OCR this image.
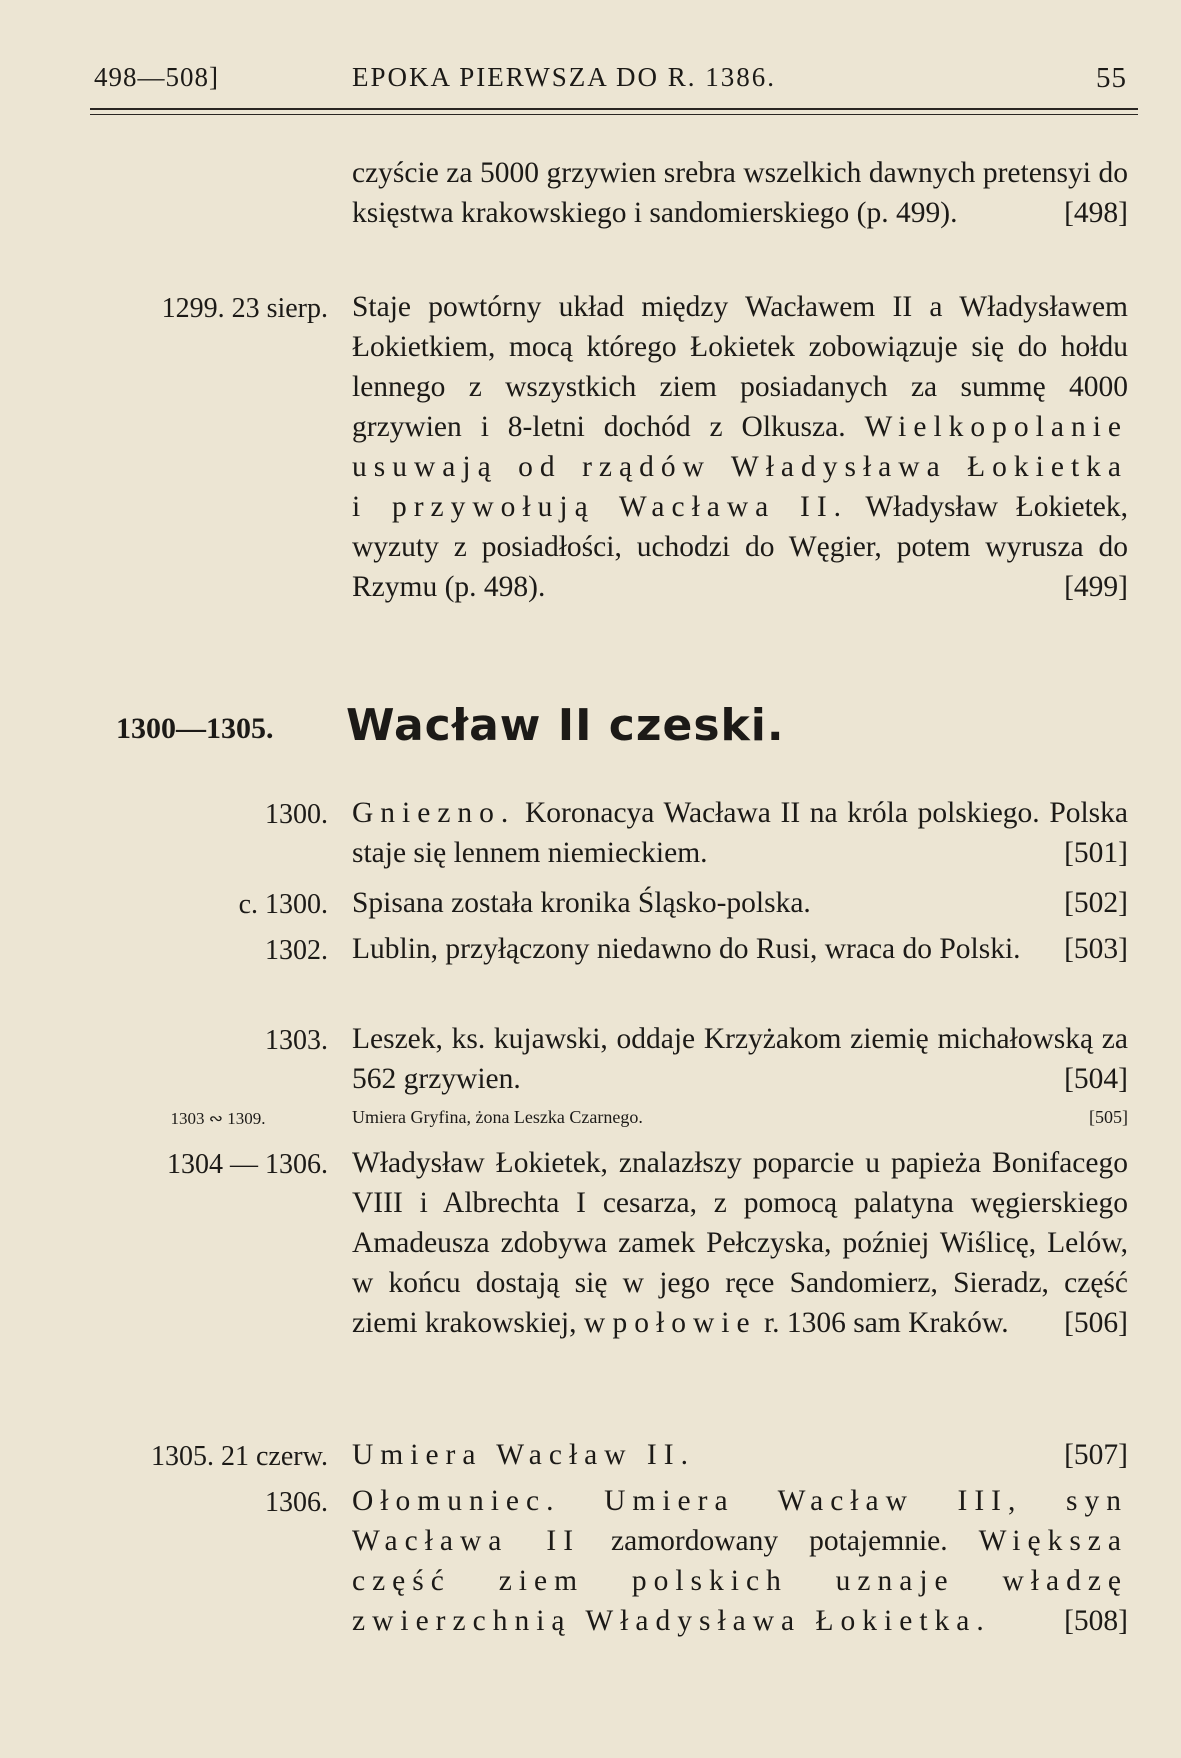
498—508]	EPOKA PIERWSZA DO R. 1386.	55
czyście za 5000 grzywien srebra wszelkich dawnych pretensyi do księstwa krakowskiego i sandomierskiego (p. 499).	[498]
1299. 23 sierp. Staje powtórny układ między Wacławem II a Władysławem Łokietkiem, mocą którego Łokietek zobowiązuje się do hołdu lennego z wszystkich ziem posiadanych za summę 4000 grzywien i 8-letni dochód z Olkusza. Wielkopolanie usuwają od rządów Władysława Łokietka i przywołują Wacława II. Władysław Łokietek, wyzuty z posiadłości, uchodzi do Węgier, potem wyrusza do Rzymu (p. 498).	[499]
1300—1305. Wacław II czeski.
1300. Gniezno. Koronacya Wacława II na króla polskiego. Polska staje się lennem niemieckiem.	[501]
c. 1300. Spisana została kronika Śląsko-polska.	[502]
1302. Lublin, przyłączony niedawno do Rusi, wraca do Polski. [503]
1303. Leszek, ks. kujawski, oddaje Krzyżakom ziemię michałowską za 562 grzywien.	[504]
1303 ∾ 1309.	Umiera Gryfina, żona Leszka Czarnego.	[505]
1304 — 1306. Władysław Łokietek, znalazłszy poparcie u papieża Bonifacego VIII i Albrechta I cesarza, z pomocą palatyna węgierskiego Amadeusza zdobywa zamek Pełczyska, poźniej Wiślicę, Lelów, w końcu dostają się w jego ręce Sandomierz, Sieradz, część ziemi krakowskiej, w połowie r. 1306 sam Kraków. [506]
1305. 21 czerw. Umiera Wacław II.	[507]
1306. Ołomuniec. Umiera Wacław III, syn Wacława II zamordowany potajemnie. Większa część ziem polskich uznaje władzę zwierzchnią Władysława Łokietka. [508]
